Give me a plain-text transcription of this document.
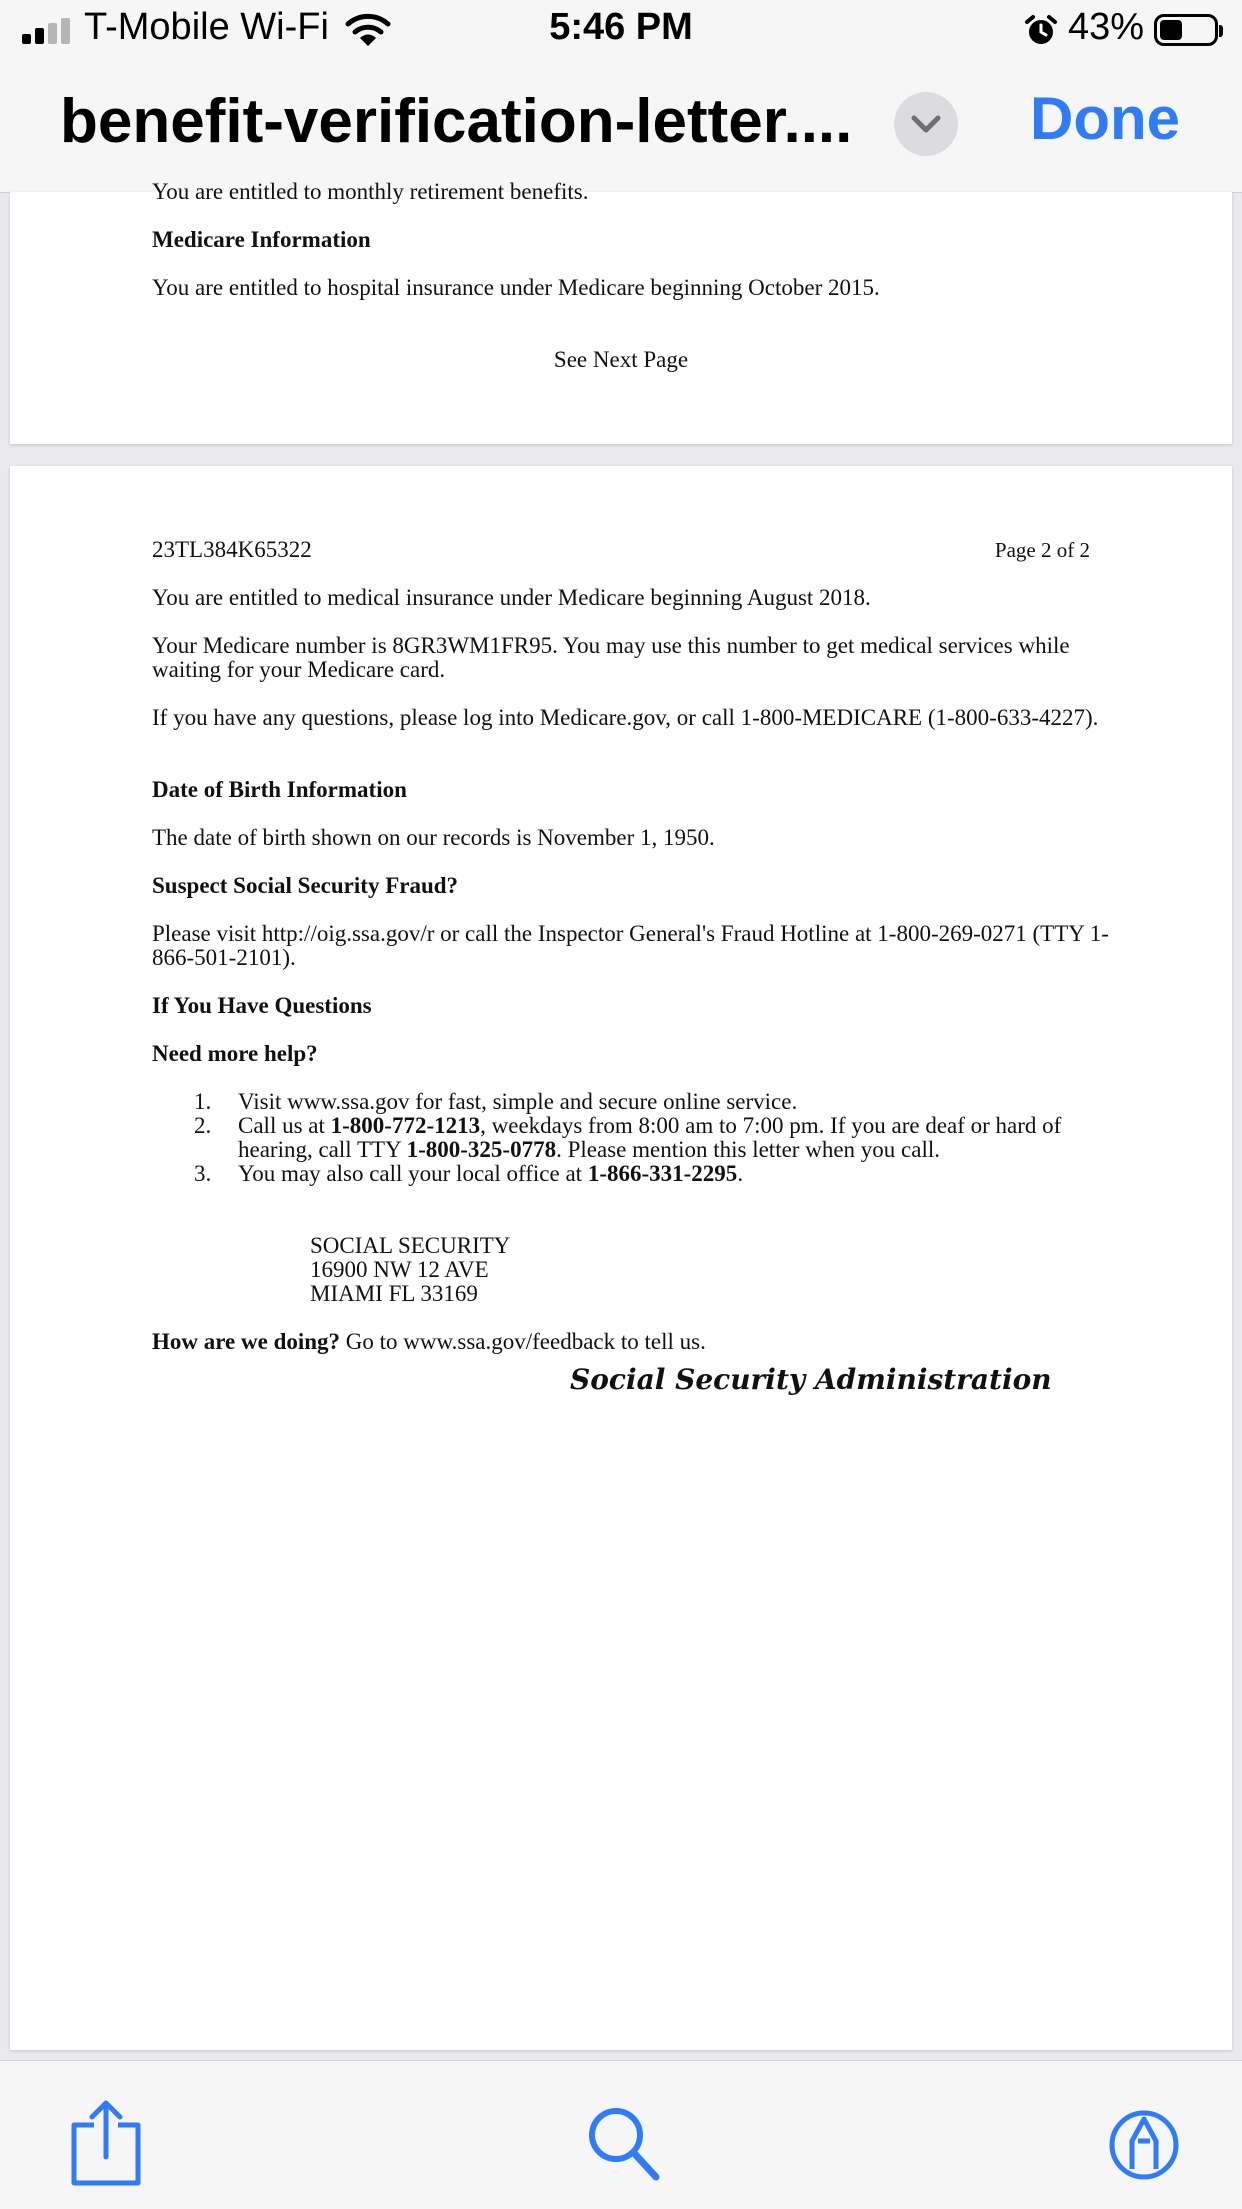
T-Mobile Wi-Fi	5:46 PM	43%
benefit-verification-letter....	Done
You are entitled to monthly retirement benefits.
Medicare Information
You are entitled to hospital insurance under Medicare beginning October 2015.
See Next Page
23TL384K65322	Page 2 of 2
You are entitled to medical insurance under Medicare beginning August 2018.
Your Medicare number is 8GR3WM1FR95. You may use this number to get medical services while waiting for your Medicare card.
If you have any questions, please log into Medicare.gov, or call 1-800-MEDICARE (1-800-633-4227).
Date of Birth Information
The date of birth shown on our records is November 1, 1950.
Suspect Social Security Fraud?
Please visit http://oig.ssa.gov/r or call the Inspector General's Fraud Hotline at 1-800-269-0271 (TTY 1-866-501-2101).
If You Have Questions
Need more help?
1. Visit www.ssa.gov for fast, simple and secure online service.
2. Call us at 1-800-772-1213, weekdays from 8:00 am to 7:00 pm. If you are deaf or hard of hearing, call TTY 1-800-325-0778. Please mention this letter when you call.
3. You may also call your local office at 1-866-331-2295.
SOCIAL SECURITY
16900 NW 12 AVE
MIAMI FL 33169
How are we doing? Go to www.ssa.gov/feedback to tell us.
Social Security Administration
